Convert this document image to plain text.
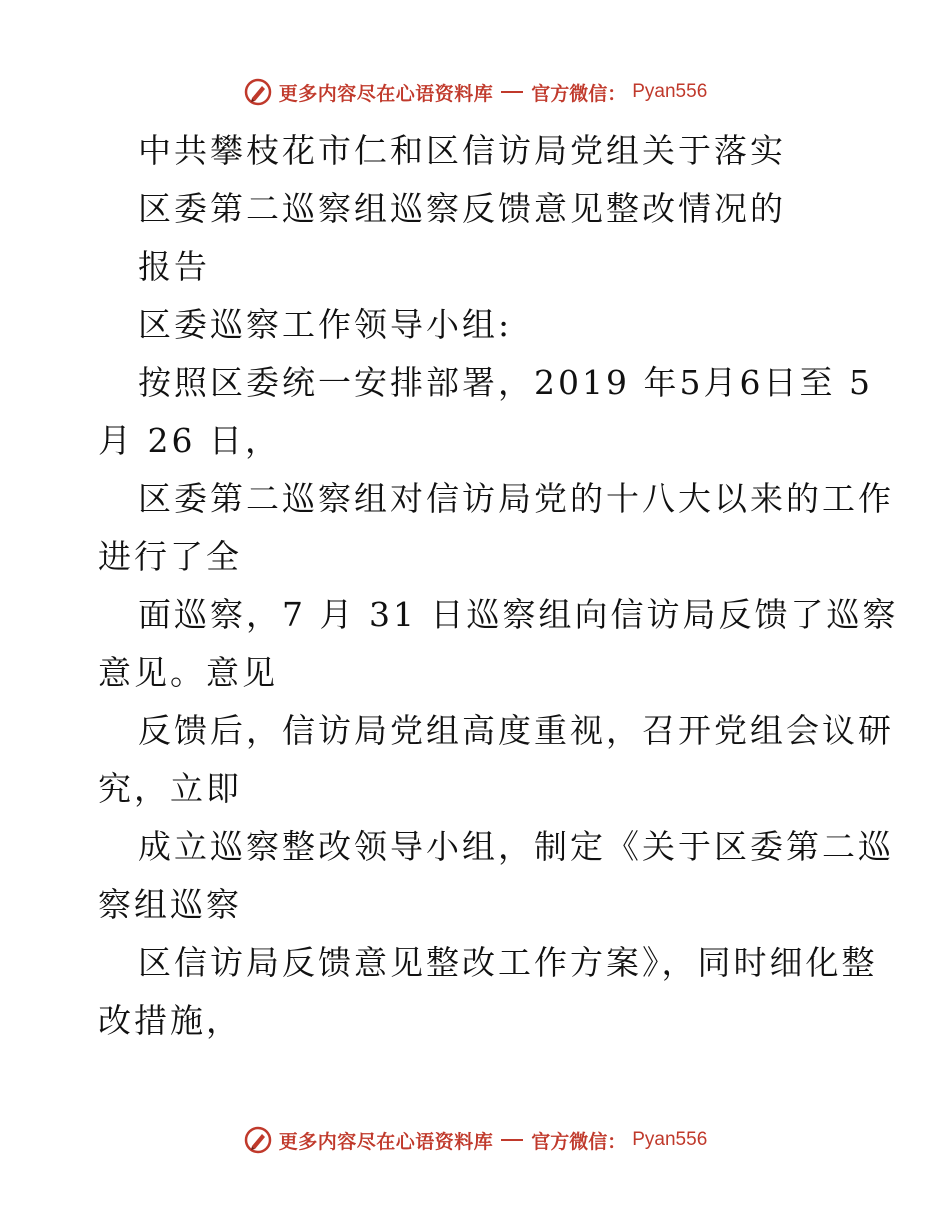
更多内容尽在心语资料库 官方微信： Pyan556
中共攀枝花市仁和区信访局党组关于落实
区委第二巡察组巡察反馈意见整改情况的
报告
区委巡察工作领导小组:
按照区委统一安排部署，2019 年5月6日至 5
月 26 日，
区委第二巡察组对信访局党的十八大以来的工作
进行了全
面巡察，7 月 31 日巡察组向信访局反馈了巡察
意见。意见
反馈后，信访局党组高度重视，召开党组会议研
究，立即
成立巡察整改领导小组，制定《关于区委第二巡
察组巡察
区信访局反馈意见整改工作方案》，同时细化整
改措施，
更多内容尽在心语资料库 官方微信： Pyan556
